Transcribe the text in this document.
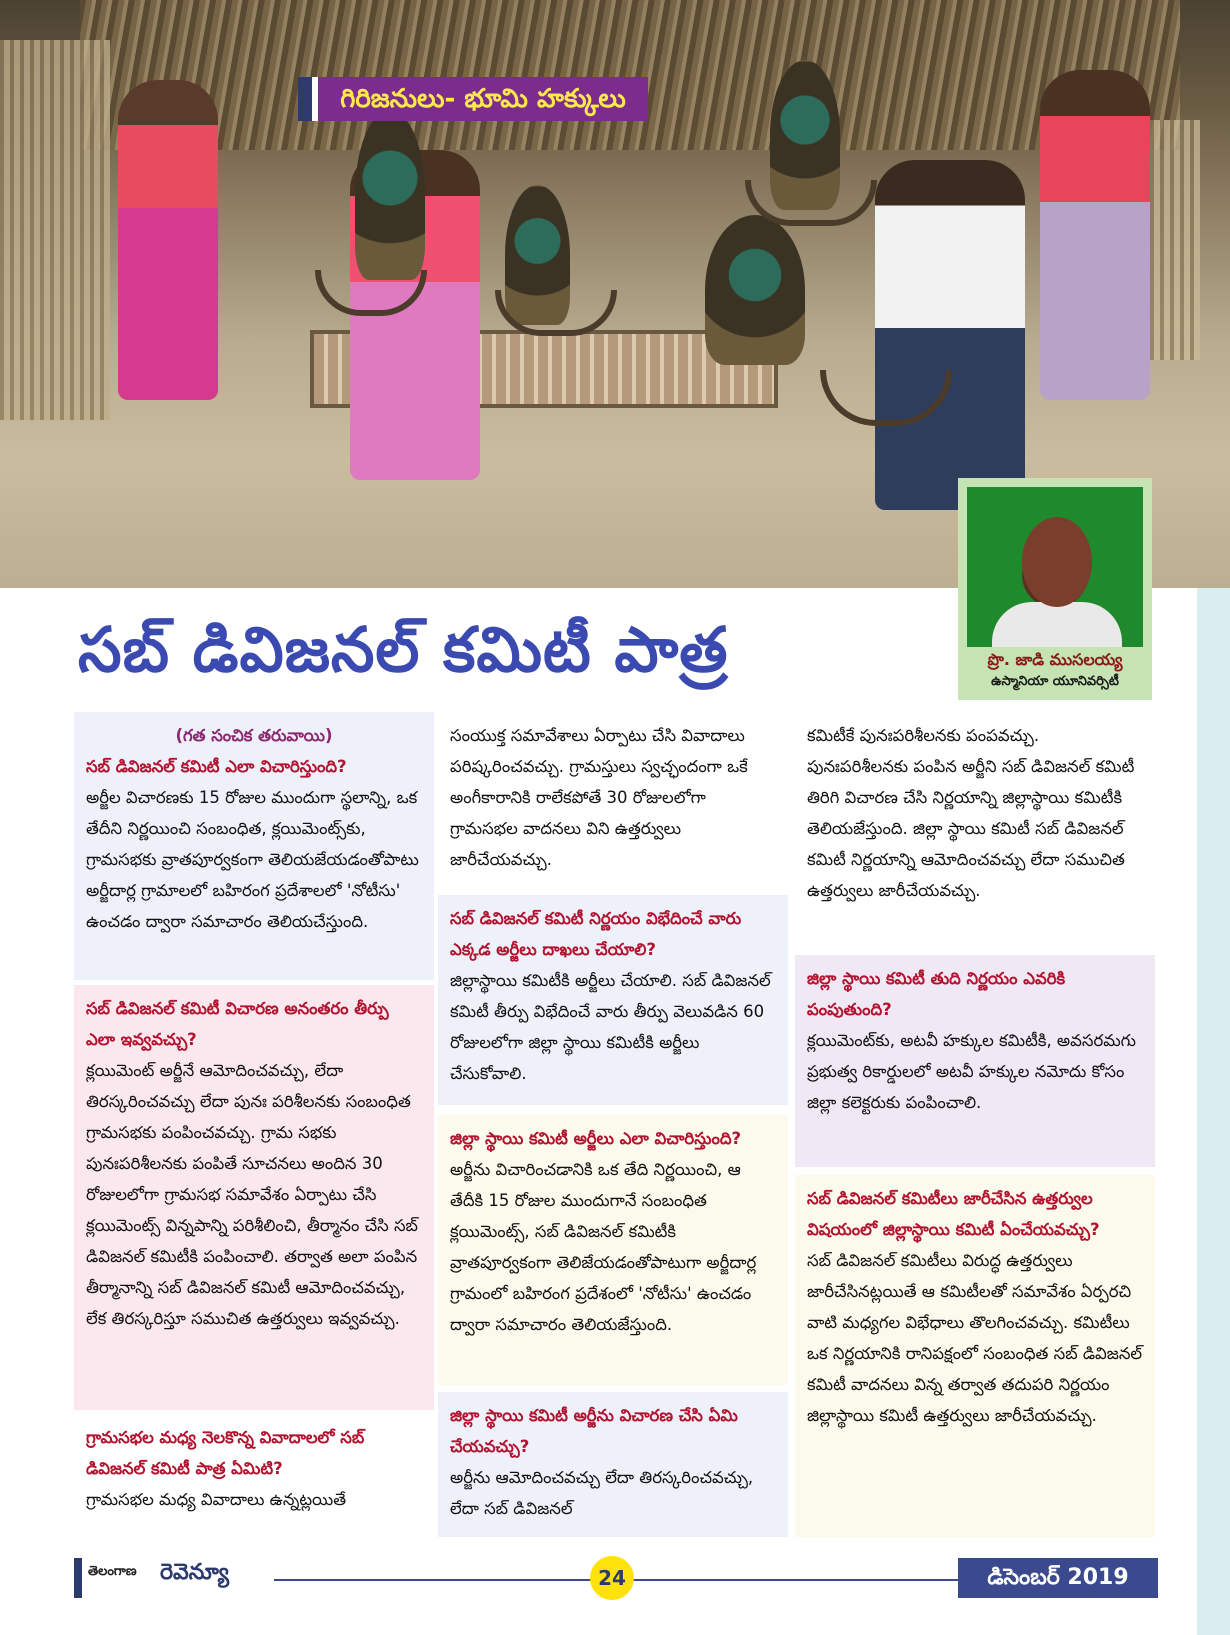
గిరిజనులు- భూమి హక్కులు
ప్రొ. జాడి ముసలయ్య
ఉస్మానియా యూనివర్సిటీ
సబ్ డివిజనల్ కమిటీ పాత్ర
(గత సంచిక తరువాయి)
సబ్ డివిజనల్ కమిటీ ఎలా విచారిస్తుంది?
అర్జీల విచారణకు 15 రోజుల ముందుగా స్థలాన్ని, ఒక తేదీని నిర్ణయించి సంబంధిత, క్లయిమెంట్స్‌కు, గ్రామసభకు వ్రాతపూర్వకంగా తెలియజేయడంతోపాటు అర్జీదార్ల గ్రామాలలో బహిరంగ ప్రదేశాలలో 'నోటీసు' ఉంచడం ద్వారా సమాచారం తెలియచేస్తుంది.
సబ్ డివిజనల్ కమిటీ విచారణ అనంతరం తీర్పు ఎలా ఇవ్వవచ్చు?
క్లయిమెంట్ అర్జీనే ఆమోదించవచ్చు, లేదా తిరస్కరించవచ్చు లేదా పునః పరిశీలనకు సంబంధిత గ్రామసభకు పంపించవచ్చు. గ్రామ సభకు పునఃపరిశీలనకు పంపితే సూచనలు అందిన 30 రోజులలోగా గ్రామసభ సమావేశం ఏర్పాటు చేసి క్లయిమెంట్స్ విన్నపాన్ని పరిశీలించి, తీర్మానం చేసి సబ్ డివిజనల్ కమిటీకి పంపించాలి. తర్వాత అలా పంపిన తీర్మానాన్ని సబ్ డివిజనల్ కమిటీ ఆమోదించవచ్చు, లేక తిరస్కరిస్తూ సముచిత ఉత్తర్వులు ఇవ్వవచ్చు.
గ్రామసభల మధ్య నెలకొన్న వివాదాలలో సబ్ డివిజనల్ కమిటీ పాత్ర ఏమిటి?
గ్రామసభల మధ్య వివాదాలు ఉన్నట్లయితే
సంయుక్త సమావేశాలు ఏర్పాటు చేసి వివాదాలు పరిష్కరించవచ్చు. గ్రామస్తులు స్వచ్ఛందంగా ఒకే అంగీకారానికి రాలేకపోతే 30 రోజులలోగా గ్రామసభల వాదనలు విని ఉత్తర్వులు జారీచేయవచ్చు.
సబ్ డివిజనల్ కమిటీ నిర్ణయం విభేదించే వారు ఎక్కడ అర్జీలు దాఖలు చేయాలి?
జిల్లాస్థాయి కమిటీకి అర్జీలు చేయాలి. సబ్ డివిజనల్ కమిటీ తీర్పు విభేదించే వారు తీర్పు వెలువడిన 60 రోజులలోగా జిల్లా స్థాయి కమిటీకి అర్జీలు చేసుకోవాలి.
జిల్లా స్థాయి కమిటీ అర్జీలు ఎలా విచారిస్తుంది?
అర్జీను విచారించడానికి ఒక తేది నిర్ణయించి, ఆ తేదీకి 15 రోజుల ముందుగానే సంబంధిత క్లయిమెంట్స్, సబ్ డివిజనల్ కమిటీకి వ్రాతపూర్వకంగా తెలిజేయడంతోపాటుగా అర్జీదార్ల గ్రామంలో బహిరంగ ప్రదేశంలో 'నోటీసు' ఉంచడం ద్వారా సమాచారం తెలియజేస్తుంది.
జిల్లా స్థాయి కమిటీ అర్జీను విచారణ చేసి ఏమి చేయవచ్చు?
అర్జీను ఆమోదించవచ్చు లేదా తిరస్కరించవచ్చు, లేదా సబ్ డివిజనల్
కమిటీకే పునఃపరిశీలనకు పంపవచ్చు. పునఃపరిశీలనకు పంపిన అర్జీని సబ్ డివిజనల్ కమిటీ తిరిగి విచారణ చేసి నిర్ణయాన్ని జిల్లాస్థాయి కమిటీకి తెలియజేస్తుంది. జిల్లా స్థాయి కమిటీ సబ్ డివిజనల్ కమిటీ నిర్ణయాన్ని ఆమోదించవచ్చు లేదా సముచిత ఉత్తర్వులు జారీచేయవచ్చు.
జిల్లా స్థాయి కమిటీ తుది నిర్ణయం ఎవరికి పంపుతుంది?
క్లయిమెంట్‌కు, అటవీ హక్కుల కమిటీకి, అవసరమగు ప్రభుత్వ రికార్డులలో అటవీ హక్కుల నమోదు కోసం జిల్లా కలెక్టరుకు పంపించాలి.
సబ్ డివిజనల్ కమిటీలు జారీచేసిన ఉత్తర్వుల విషయంలో జిల్లాస్థాయి కమిటీ ఏంచేయవచ్చు?
సబ్ డివిజనల్ కమిటీలు విరుద్ధ ఉత్తర్వులు జారీచేసినట్లయితే ఆ కమిటీలతో సమావేశం ఏర్పరచి వాటి మధ్యగల విభేధాలు తొలగించవచ్చు. కమిటీలు ఒక నిర్ణయానికి రానిపక్షంలో సంబంధిత సబ్ డివిజనల్ కమిటీ వాదనలు విన్న తర్వాత తదుపరి నిర్ణయం జిల్లాస్థాయి కమిటీ ఉత్తర్వులు జారీచేయవచ్చు.
తెలంగాణ రెవెన్యూ	24	డిసెంబర్ 2019
